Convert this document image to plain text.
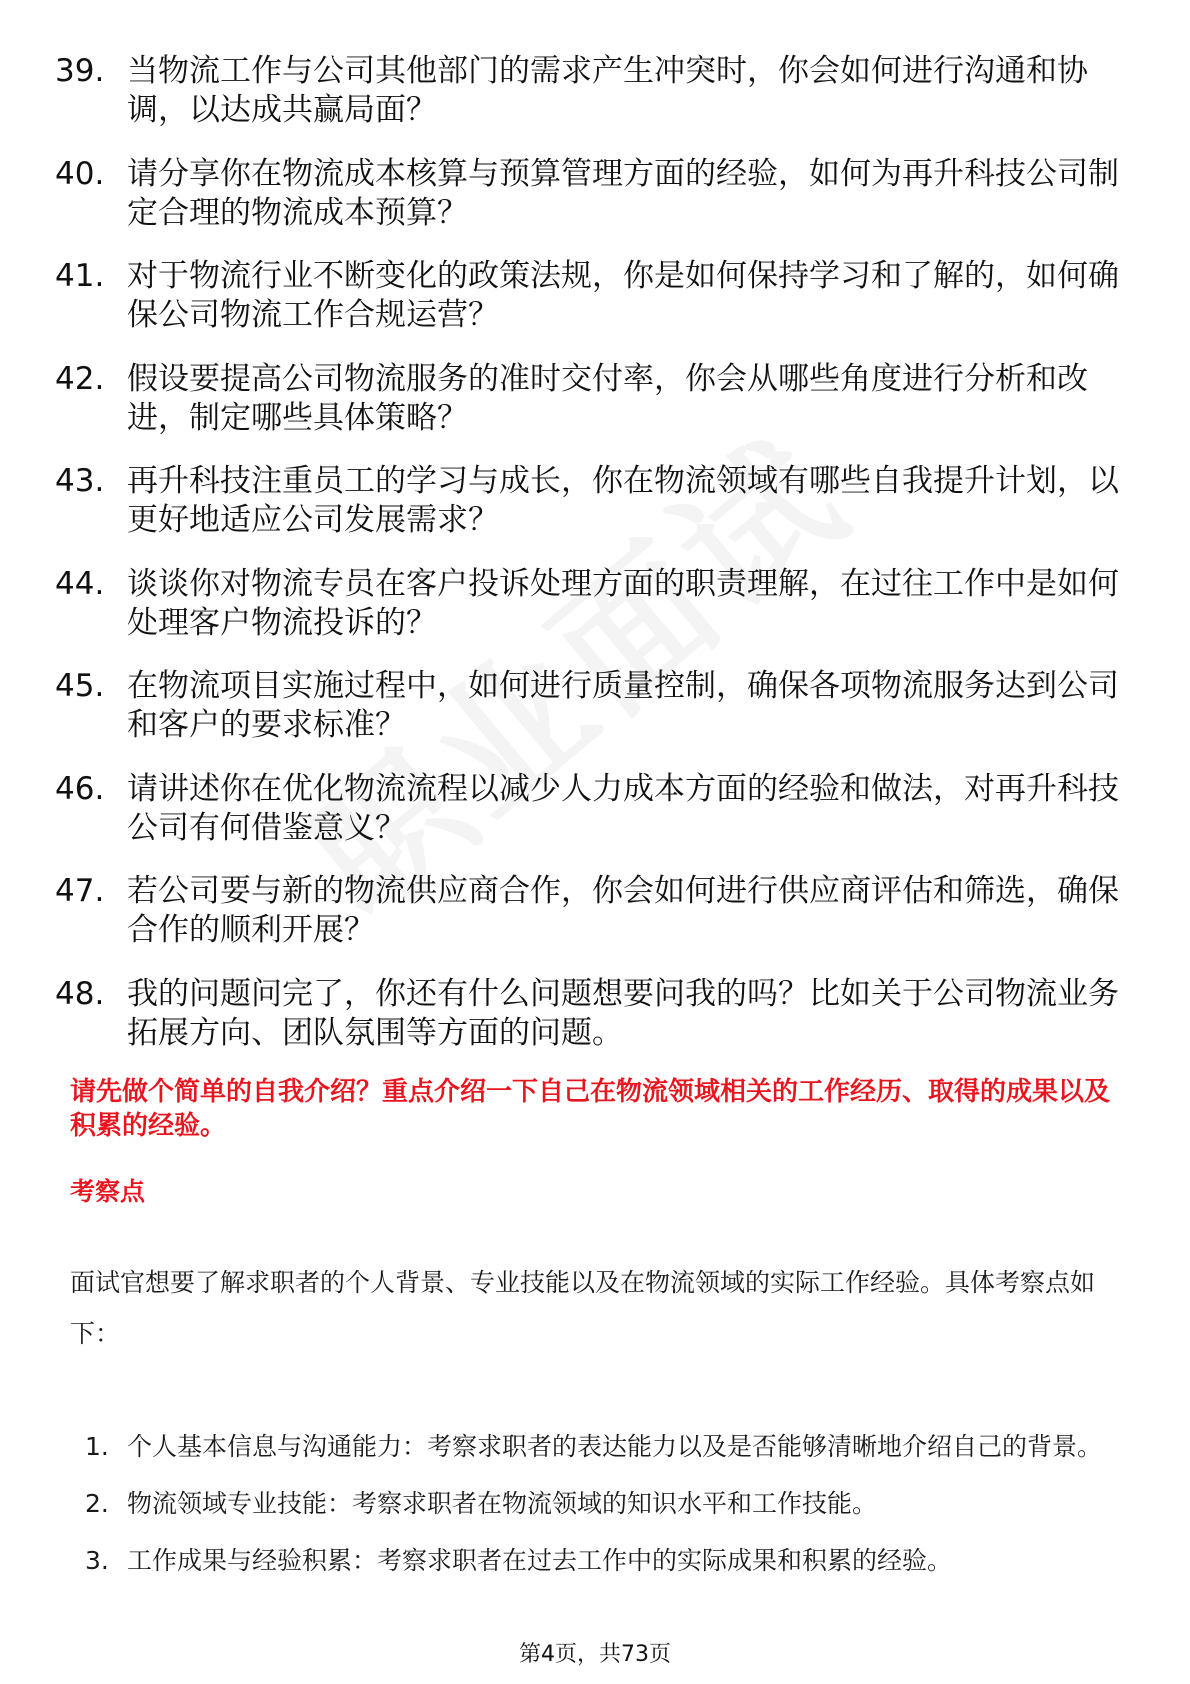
39. 当物流工作与公司其他部门的需求产生冲突时，你会如何进行沟通和协调，以达成共赢局面？
40. 请分享你在物流成本核算与预算管理方面的经验，如何为再升科技公司制定合理的物流成本预算？
41. 对于物流行业不断变化的政策法规，你是如何保持学习和了解的，如何确保公司物流工作合规运营？
42. 假设要提高公司物流服务的准时交付率，你会从哪些角度进行分析和改进，制定哪些具体策略？
43. 再升科技注重员工的学习与成长，你在物流领域有哪些自我提升计划，以更好地适应公司发展需求？
44. 谈谈你对物流专员在客户投诉处理方面的职责理解，在过往工作中是如何处理客户物流投诉的？
45. 在物流项目实施过程中，如何进行质量控制，确保各项物流服务达到公司和客户的要求标准？
46. 请讲述你在优化物流流程以减少人力成本方面的经验和做法，对再升科技公司有何借鉴意义？
47. 若公司要与新的物流供应商合作，你会如何进行供应商评估和筛选，确保合作的顺利开展？
48. 我的问题问完了，你还有什么问题想要问我的吗？比如关于公司物流业务拓展方向、团队氛围等方面的问题。
请先做个简单的自我介绍？重点介绍一下自己在物流领域相关的工作经历、取得的成果以及积累的经验。
考察点
面试官想要了解求职者的个人背景、专业技能以及在物流领域的实际工作经验。具体考察点如下：
1. 个人基本信息与沟通能力：考察求职者的表达能力以及是否能够清晰地介绍自己的背景。
2. 物流领域专业技能：考察求职者在物流领域的知识水平和工作技能。
3. 工作成果与经验积累：考察求职者在过去工作中的实际成果和积累的经验。
第4页，共73页
